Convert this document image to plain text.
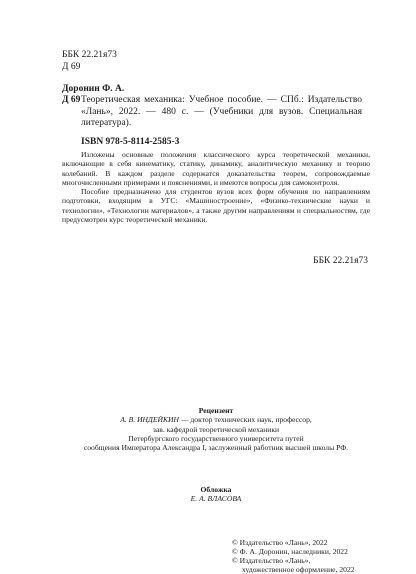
ББК 22.21я73
Д 69
Доронин Ф. А.
Д 69 Теоретическая механика: Учебное пособие. — СПб.: Издательство «Лань», 2022. — 480 с. — (Учебники для вузов. Специальная литература).
ISBN 978-5-8114-2585-3

Изложены основные положения классического курса теоретической механики, включающие в себя кинематику, статику, динамику, аналитическую механику и теорию колебаний. В каждом разделе содержатся доказательства теорем, сопровождаемые многочисленными примерами и пояснениями, и имеются вопросы для самоконтроля.

Пособие предназначено для студентов вузов всех форм обучения по направлениям подготовки, входящим в УГС: «Машиностроение», «Физико-технические науки и технологии», «Технологии материалов», а также другим направлениям и специальностям, где предусмотрен курс теоретической механики.

ББК 22.21я73
Рецензент
А. В. ИНДЕЙКИН — доктор технических наук, профессор,
зав. кафедрой теоретической механики
Петербургского государственного университета путей
сообщения Императора Александра I, заслуженный работник высшей школы РФ.
Обложка
Е. А. ВЛАСОВА
© Издательство «Лань», 2022
© Ф. А. Доронин, наследники, 2022
© Издательство «Лань»,
художественное оформление, 2022
